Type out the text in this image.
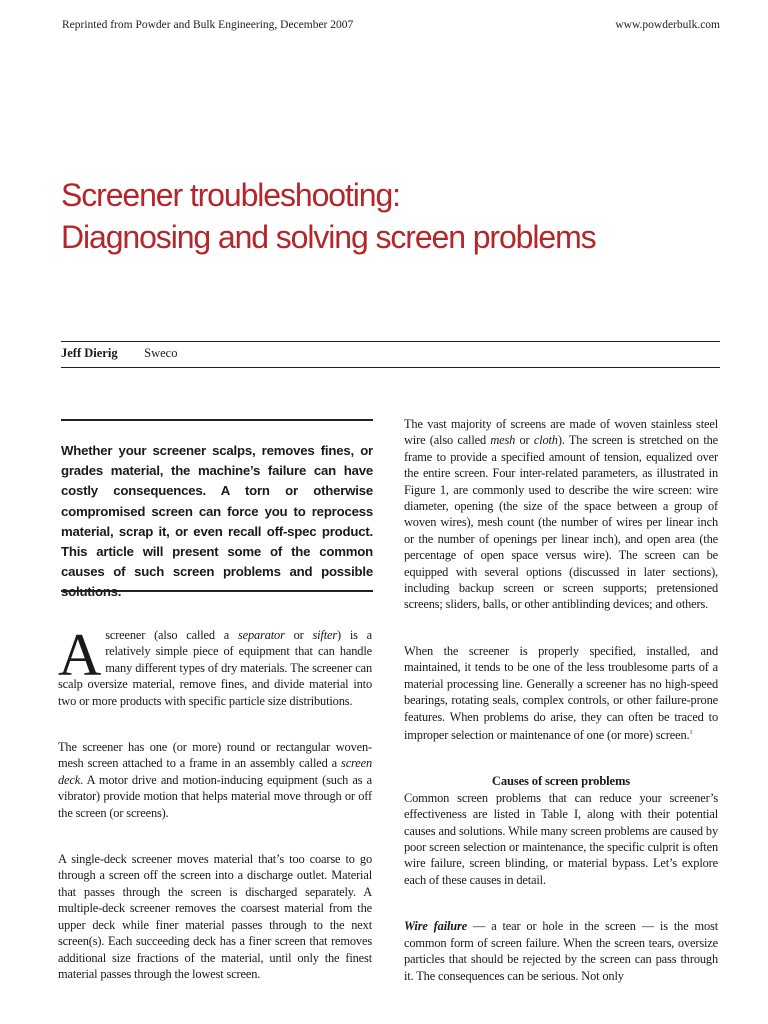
Reprinted from Powder and Bulk Engineering, December 2007	www.powderbulk.com
Screener troubleshooting:
Diagnosing and solving screen problems
Jeff Dierig Sweco

Whether your screener scalps, removes fines, or grades material, the machine’s failure can have costly consequences. A torn or otherwise compromised screen can force you to reprocess material, scrap it, or even recall off-spec product. This article will present some of the common causes of such screen problems and possible

A screener (also called a separator or sifter) is a relatively simple piece of equipment that can handle many different types of dry materials. The screener can scalp oversize material, remove fines, and divide material into two or more products with specific particle size distributions.

The screener has one (or more) round or rectangular woven-mesh screen attached to a frame in an assembly called a screen deck. A motor drive and motion-inducing equipment (such as a vibrator) provide motion that helps material move through or off the screen (or screens).

A single-deck screener moves material that’s too coarse to go through a screen off the screen into a discharge outlet. Material that passes through the screen is discharged separately. A multiple-deck screener removes the coarsest material from the upper deck while finer material passes through to the next screen(s). Each succeeding deck has a finer screen that removes additional size fractions of the material, until only the finest material passes through the lowest screen.

The vast majority of screens are made of woven stainless steel wire (also called mesh or cloth). The screen is stretched on the frame to provide a specified amount of tension, equalized over the entire screen. Four inter-related parameters, as illustrated in Figure 1, are commonly used to describe the wire screen: wire diameter, opening (the size of the space between a group of woven wires), mesh count (the number of wires per linear inch or the number of openings per linear inch), and open area (the percentage of open space versus wire). The screen can be equipped with several options (discussed in later sections), including backup screen or screen supports; pretensioned screens; sliders, balls, or other antiblinding devices; and others.

When the screener is properly specified, installed, and maintained, it tends to be one of the less troublesome parts of a material processing line. Generally a screener has no high-speed bearings, rotating seals, complex controls, or other failure-prone features. When problems do arise, they can often be traced to improper selection or maintenance of one (or more) screen.$^1$

Causes of screen problems

Common screen problems that can reduce your screener’s effectiveness are listed in Table I, along with their potential causes and solutions. While many screen problems are caused by poor screen selection or maintenance, the specific culprit is often wire failure, screen blinding, or material bypass. Let’s explore each of these causes in detail.

Wire failure — a tear or hole in the screen — is the most common form of screen failure. When the screen tears, oversize particles that should be rejected by the screen can pass through it. The consequences can be serious. Not only
